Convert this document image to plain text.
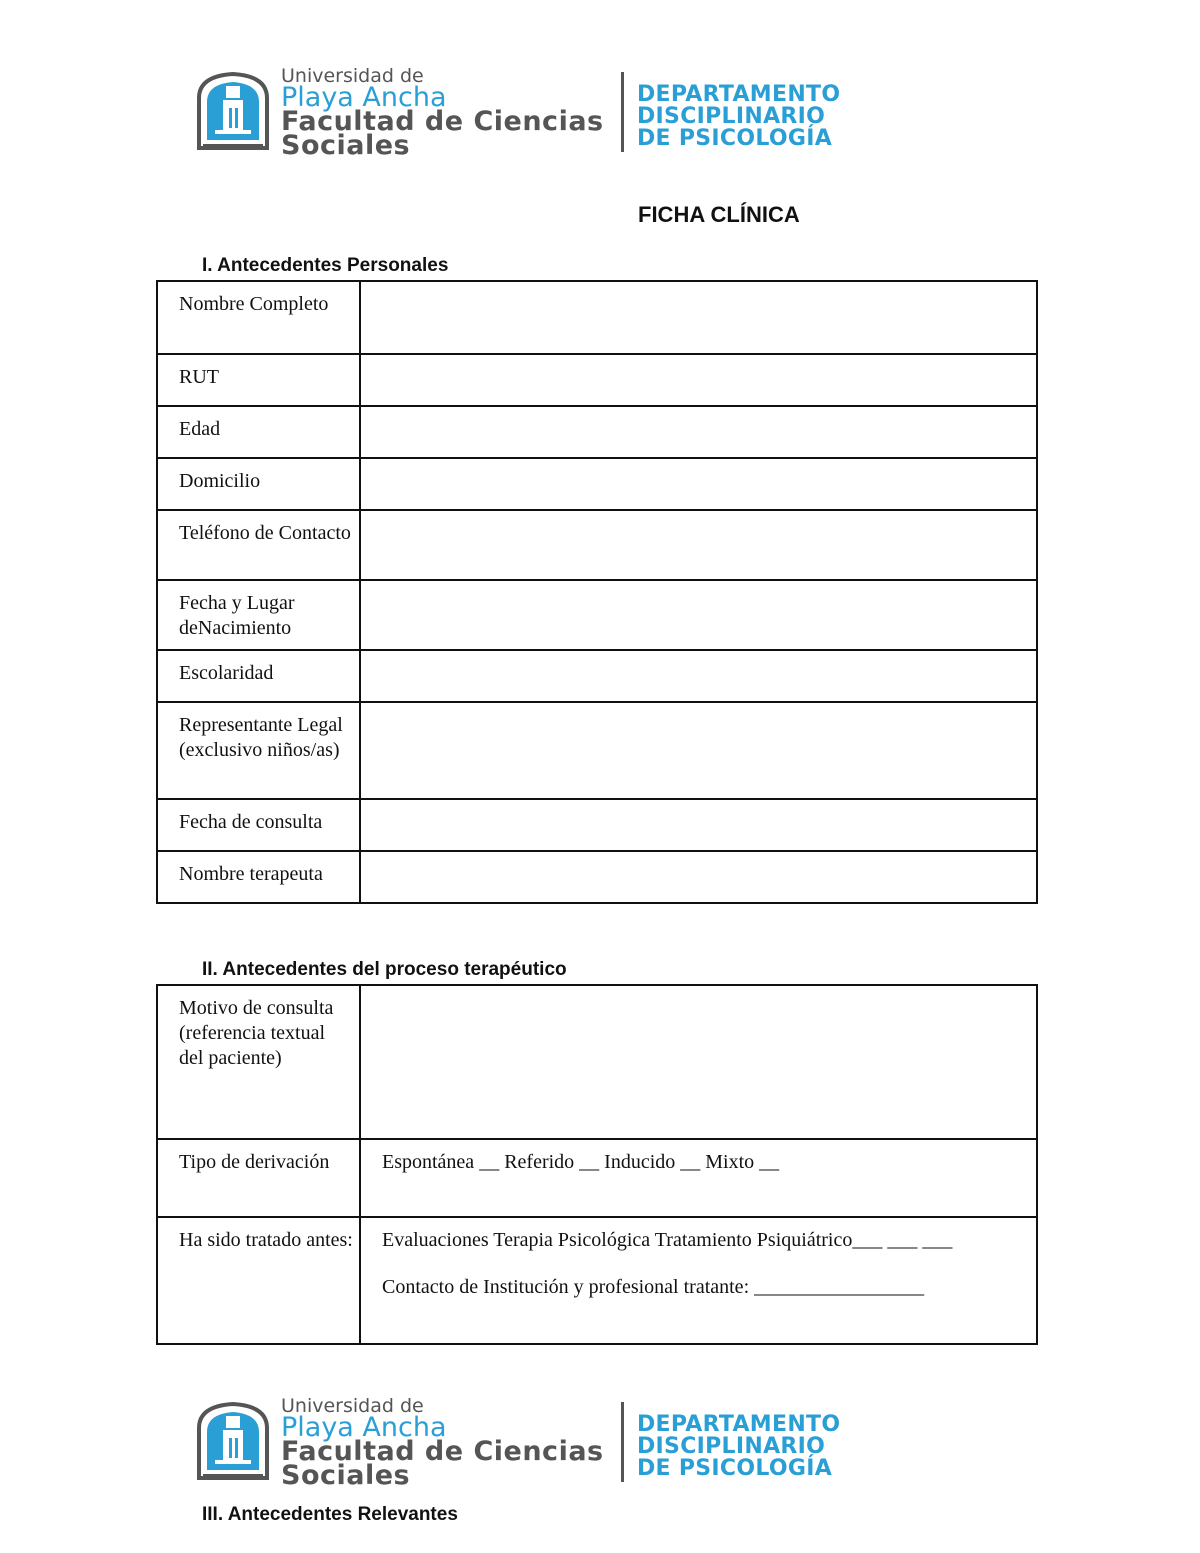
Universidad de
Playa Ancha
Facultad de Ciencias
Sociales
DEPARTAMENTO
DISCIPLINARIO
DE PSICOLOGÍA
FICHA CLÍNICA
I. Antecedentes Personales
Nombre Completo	
RUT	
Edad	
Domicilio	
Teléfono de Contacto	
Fecha y Lugar deNacimiento	
Escolaridad	
Representante Legal (exclusivo niños/as)	
Fecha de consulta	
Nombre terapeuta	
II. Antecedentes del proceso terapéutico
Motivo de consulta (referencia textual del paciente)	
Tipo de derivación	Espontánea __ Referido __ Inducido __ Mixto __
Ha sido tratado antes:	Evaluaciones Terapia Psicológica Tratamiento Psiquiátrico___ ___ ___
Contacto de Institución y profesional tratante: _________________
Universidad de
Playa Ancha
Facultad de Ciencias
Sociales
DEPARTAMENTO
DISCIPLINARIO
DE PSICOLOGÍA
III. Antecedentes Relevantes
